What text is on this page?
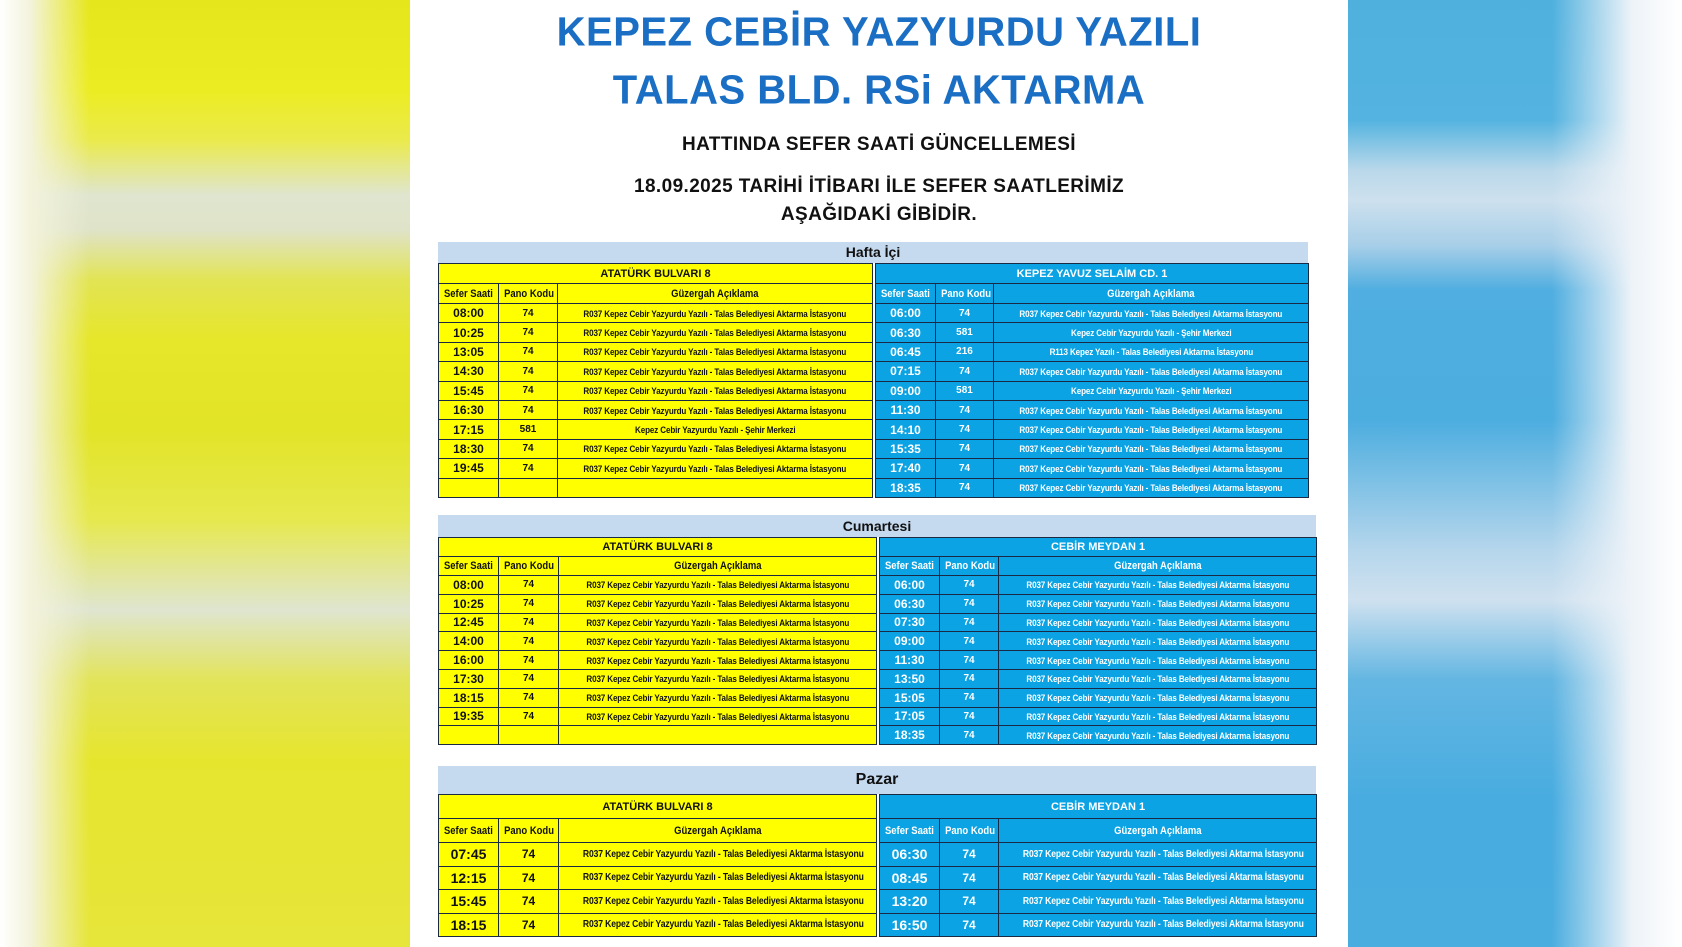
KEPEZ CEBİR YAZYURDU YAZILI
TALAS BLD. RSi AKTARMA
HATTINDA SEFER SAATİ GÜNCELLEMESİ
18.09.2025 TARİHİ İTİBARI İLE SEFER SAATLERİMİZ
AŞAĞIDAKİ GİBİDİR.
Hafta İçi
ATATÜRK BULVARI 8		
Sefer Saati	Pano Kodu	Güzergah Açıklama
08:00	74	R037 Kepez Cebir Yazyurdu Yazılı - Talas Belediyesi Aktarma İstasyonu
10:25	74	R037 Kepez Cebir Yazyurdu Yazılı - Talas Belediyesi Aktarma İstasyonu
13:05	74	R037 Kepez Cebir Yazyurdu Yazılı - Talas Belediyesi Aktarma İstasyonu
14:30	74	R037 Kepez Cebir Yazyurdu Yazılı - Talas Belediyesi Aktarma İstasyonu
15:45	74	R037 Kepez Cebir Yazyurdu Yazılı - Talas Belediyesi Aktarma İstasyonu
16:30	74	R037 Kepez Cebir Yazyurdu Yazılı - Talas Belediyesi Aktarma İstasyonu
17:15	581	Kepez Cebir Yazyurdu Yazılı - Şehir Merkezi
18:30	74	R037 Kepez Cebir Yazyurdu Yazılı - Talas Belediyesi Aktarma İstasyonu
19:45	74	R037 Kepez Cebir Yazyurdu Yazılı - Talas Belediyesi Aktarma İstasyonu

KEPEZ YAVUZ SELAİM CD. 1		
Sefer Saati	Pano Kodu	Güzergah Açıklama
06:00	74	R037 Kepez Cebir Yazyurdu Yazılı - Talas Belediyesi Aktarma İstasyonu
06:30	581	Kepez Cebir Yazyurdu Yazılı - Şehir Merkezi
06:45	216	R113 Kepez Yazılı - Talas Belediyesi Aktarma İstasyonu
07:15	74	R037 Kepez Cebir Yazyurdu Yazılı - Talas Belediyesi Aktarma İstasyonu
09:00	581	Kepez Cebir Yazyurdu Yazılı - Şehir Merkezi
11:30	74	R037 Kepez Cebir Yazyurdu Yazılı - Talas Belediyesi Aktarma İstasyonu
14:10	74	R037 Kepez Cebir Yazyurdu Yazılı - Talas Belediyesi Aktarma İstasyonu
15:35	74	R037 Kepez Cebir Yazyurdu Yazılı - Talas Belediyesi Aktarma İstasyonu
17:40	74	R037 Kepez Cebir Yazyurdu Yazılı - Talas Belediyesi Aktarma İstasyonu
18:35	74	R037 Kepez Cebir Yazyurdu Yazılı - Talas Belediyesi Aktarma İstasyonu
Cumartesi
ATATÜRK BULVARI 8		
Sefer Saati	Pano Kodu	Güzergah Açıklama
08:00	74	R037 Kepez Cebir Yazyurdu Yazılı - Talas Belediyesi Aktarma İstasyonu
10:25	74	R037 Kepez Cebir Yazyurdu Yazılı - Talas Belediyesi Aktarma İstasyonu
12:45	74	R037 Kepez Cebir Yazyurdu Yazılı - Talas Belediyesi Aktarma İstasyonu
14:00	74	R037 Kepez Cebir Yazyurdu Yazılı - Talas Belediyesi Aktarma İstasyonu
16:00	74	R037 Kepez Cebir Yazyurdu Yazılı - Talas Belediyesi Aktarma İstasyonu
17:30	74	R037 Kepez Cebir Yazyurdu Yazılı - Talas Belediyesi Aktarma İstasyonu
18:15	74	R037 Kepez Cebir Yazyurdu Yazılı - Talas Belediyesi Aktarma İstasyonu
19:35	74	R037 Kepez Cebir Yazyurdu Yazılı - Talas Belediyesi Aktarma İstasyonu

CEBİR MEYDAN 1		
Sefer Saati	Pano Kodu	Güzergah Açıklama
06:00	74	R037 Kepez Cebir Yazyurdu Yazılı - Talas Belediyesi Aktarma İstasyonu
06:30	74	R037 Kepez Cebir Yazyurdu Yazılı - Talas Belediyesi Aktarma İstasyonu
07:30	74	R037 Kepez Cebir Yazyurdu Yazılı - Talas Belediyesi Aktarma İstasyonu
09:00	74	R037 Kepez Cebir Yazyurdu Yazılı - Talas Belediyesi Aktarma İstasyonu
11:30	74	R037 Kepez Cebir Yazyurdu Yazılı - Talas Belediyesi Aktarma İstasyonu
13:50	74	R037 Kepez Cebir Yazyurdu Yazılı - Talas Belediyesi Aktarma İstasyonu
15:05	74	R037 Kepez Cebir Yazyurdu Yazılı - Talas Belediyesi Aktarma İstasyonu
17:05	74	R037 Kepez Cebir Yazyurdu Yazılı - Talas Belediyesi Aktarma İstasyonu
18:35	74	R037 Kepez Cebir Yazyurdu Yazılı - Talas Belediyesi Aktarma İstasyonu
Pazar
ATATÜRK BULVARI 8		
Sefer Saati	Pano Kodu	Güzergah Açıklama
07:45	74	R037 Kepez Cebir Yazyurdu Yazılı - Talas Belediyesi Aktarma İstasyonu
12:15	74	R037 Kepez Cebir Yazyurdu Yazılı - Talas Belediyesi Aktarma İstasyonu
15:45	74	R037 Kepez Cebir Yazyurdu Yazılı - Talas Belediyesi Aktarma İstasyonu
18:15	74	R037 Kepez Cebir Yazyurdu Yazılı - Talas Belediyesi Aktarma İstasyonu
CEBİR MEYDAN 1		
Sefer Saati	Pano Kodu	Güzergah Açıklama
06:30	74	R037 Kepez Cebir Yazyurdu Yazılı - Talas Belediyesi Aktarma İstasyonu
08:45	74	R037 Kepez Cebir Yazyurdu Yazılı - Talas Belediyesi Aktarma İstasyonu
13:20	74	R037 Kepez Cebir Yazyurdu Yazılı - Talas Belediyesi Aktarma İstasyonu
16:50	74	R037 Kepez Cebir Yazyurdu Yazılı - Talas Belediyesi Aktarma İstasyonu
